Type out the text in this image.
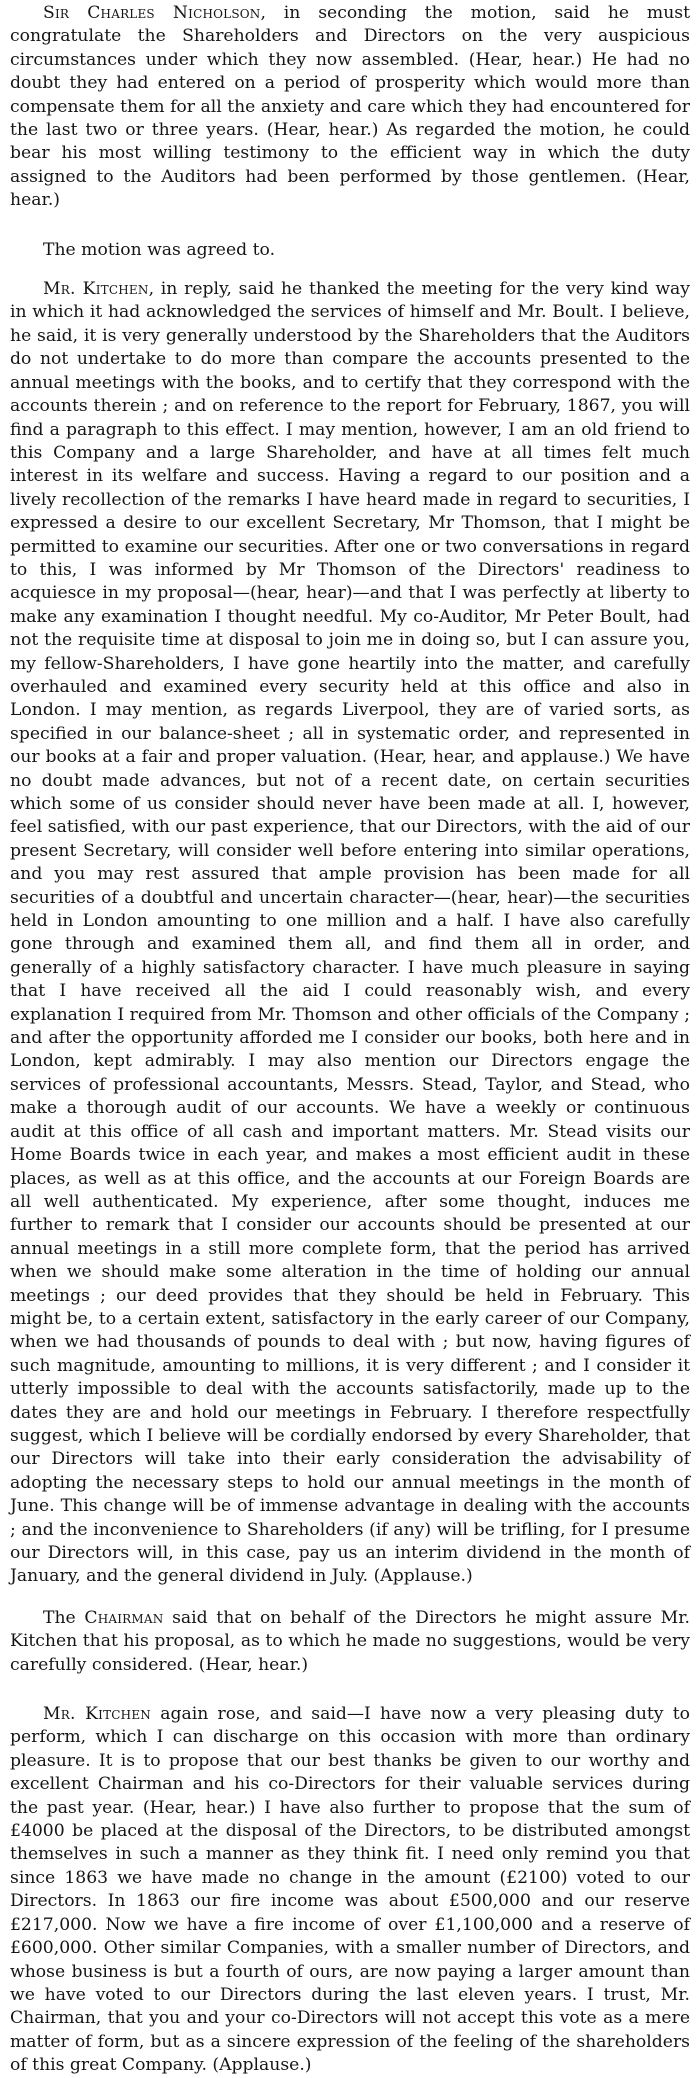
Sir Charles Nicholson, in seconding the motion, said he must congratulate the Shareholders and Directors on the very auspicious circumstances under which they now assembled. (Hear, hear.) He had no doubt they had entered on a period of prosperity which would more than compensate them for all the anxiety and care which they had encountered for the last two or three years. (Hear, hear.) As regarded the motion, he could bear his most willing testimony to the efficient way in which the duty assigned to the Auditors had been performed by those gentlemen. (Hear, hear.)

The motion was agreed to.

Mr. Kitchen, in reply, said he thanked the meeting for the very kind way in which it had acknowledged the services of himself and Mr. Boult. I believe, he said, it is very generally understood by the Shareholders that the Auditors do not undertake to do more than compare the accounts presented to the annual meetings with the books, and to certify that they correspond with the accounts therein ; and on reference to the report for February, 1867, you will find a paragraph to this effect. I may mention, however, I am an old friend to this Company and a large Shareholder, and have at all times felt much interest in its welfare and success. Having a regard to our position and a lively recollection of the remarks I have heard made in regard to securities, I expressed a desire to our excellent Secretary, Mr Thomson, that I might be permitted to examine our securities. After one or two conversations in regard to this, I was informed by Mr Thomson of the Directors' readiness to acquiesce in my proposal—(hear, hear)—and that I was perfectly at liberty to make any examination I thought needful. My co-Auditor, Mr Peter Boult, had not the requisite time at disposal to join me in doing so, but I can assure you, my fellow-Shareholders, I have gone heartily into the matter, and carefully overhauled and examined every security held at this office and also in London. I may mention, as regards Liverpool, they are of varied sorts, as specified in our balance-sheet ; all in systematic order, and represented in our books at a fair and proper valuation. (Hear, hear, and applause.) We have no doubt made advances, but not of a recent date, on certain securities which some of us consider should never have been made at all. I, however, feel satisfied, with our past experience, that our Directors, with the aid of our present Secretary, will consider well before entering into similar operations, and you may rest assured that ample provision has been made for all securities of a doubtful and uncertain character—(hear, hear)—the securities held in London amounting to one million and a half. I have also carefully gone through and examined them all, and find them all in order, and generally of a highly satisfactory character. I have much pleasure in saying that I have received all the aid I could reasonably wish, and every explanation I required from Mr. Thomson and other officials of the Company ; and after the opportunity afforded me I consider our books, both here and in London, kept admirably. I may also mention our Directors engage the services of professional accountants, Messrs. Stead, Taylor, and Stead, who make a thorough audit of our accounts. We have a weekly or continuous audit at this office of all cash and important matters. Mr. Stead visits our Home Boards twice in each year, and makes a most efficient audit in these places, as well as at this office, and the accounts at our Foreign Boards are all well authenticated. My experience, after some thought, induces me further to remark that I consider our accounts should be presented at our annual meetings in a still more complete form, that the period has arrived when we should make some alteration in the time of holding our annual meetings ; our deed provides that they should be held in February. This might be, to a certain extent, satisfactory in the early career of our Company, when we had thousands of pounds to deal with ; but now, having figures of such magnitude, amounting to millions, it is very different ; and I consider it utterly impossible to deal with the accounts satisfactorily, made up to the dates they are and hold our meetings in February. I therefore respectfully suggest, which I believe will be cordially endorsed by every Shareholder, that our Directors will take into their early consideration the advisability of adopting the necessary steps to hold our annual meetings in the month of June. This change will be of immense advantage in dealing with the accounts ; and the inconvenience to Shareholders (if any) will be trifling, for I presume our Directors will, in this case, pay us an interim dividend in the month of January, and the general dividend in July. (Applause.)

The Chairman said that on behalf of the Directors he might assure Mr. Kitchen that his proposal, as to which he made no suggestions, would be very carefully considered. (Hear, hear.)

Mr. Kitchen again rose, and said—I have now a very pleasing duty to perform, which I can discharge on this occasion with more than ordinary pleasure. It is to propose that our best thanks be given to our worthy and excellent Chairman and his co-Directors for their valuable services during the past year. (Hear, hear.) I have also further to propose that the sum of £4000 be placed at the disposal of the Directors, to be distributed amongst themselves in such a manner as they think fit. I need only remind you that since 1863 we have made no change in the amount (£2100) voted to our Directors. In 1863 our fire income was about £500,000 and our reserve £217,000. Now we have a fire income of over £1,100,000 and a reserve of £600,000. Other similar Companies, with a smaller number of Directors, and whose business is but a fourth of ours, are now paying a larger amount than we have voted to our Directors during the last eleven years. I trust, Mr. Chairman, that you and your co-Directors will not accept this vote as a mere matter of form, but as a sincere expression of the feeling of the shareholders of this great Company. (Applause.)
